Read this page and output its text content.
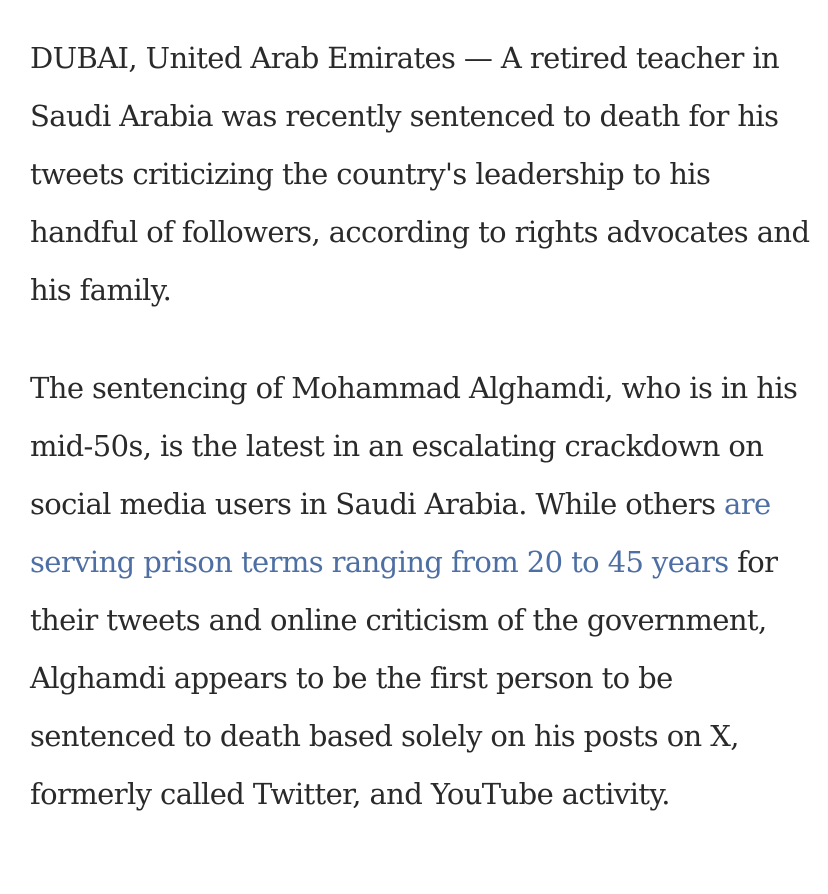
DUBAI, United Arab Emirates — A retired teacher in Saudi Arabia was recently sentenced to death for his tweets criticizing the country's leadership to his handful of followers, according to rights advocates and his family.

The sentencing of Mohammad Alghamdi, who is in his mid-50s, is the latest in an escalating crackdown on social media users in Saudi Arabia. While others are serving prison terms ranging from 20 to 45 years for their tweets and online criticism of the government, Alghamdi appears to be the first person to be sentenced to death based solely on his posts on X, formerly called Twitter, and YouTube activity.
